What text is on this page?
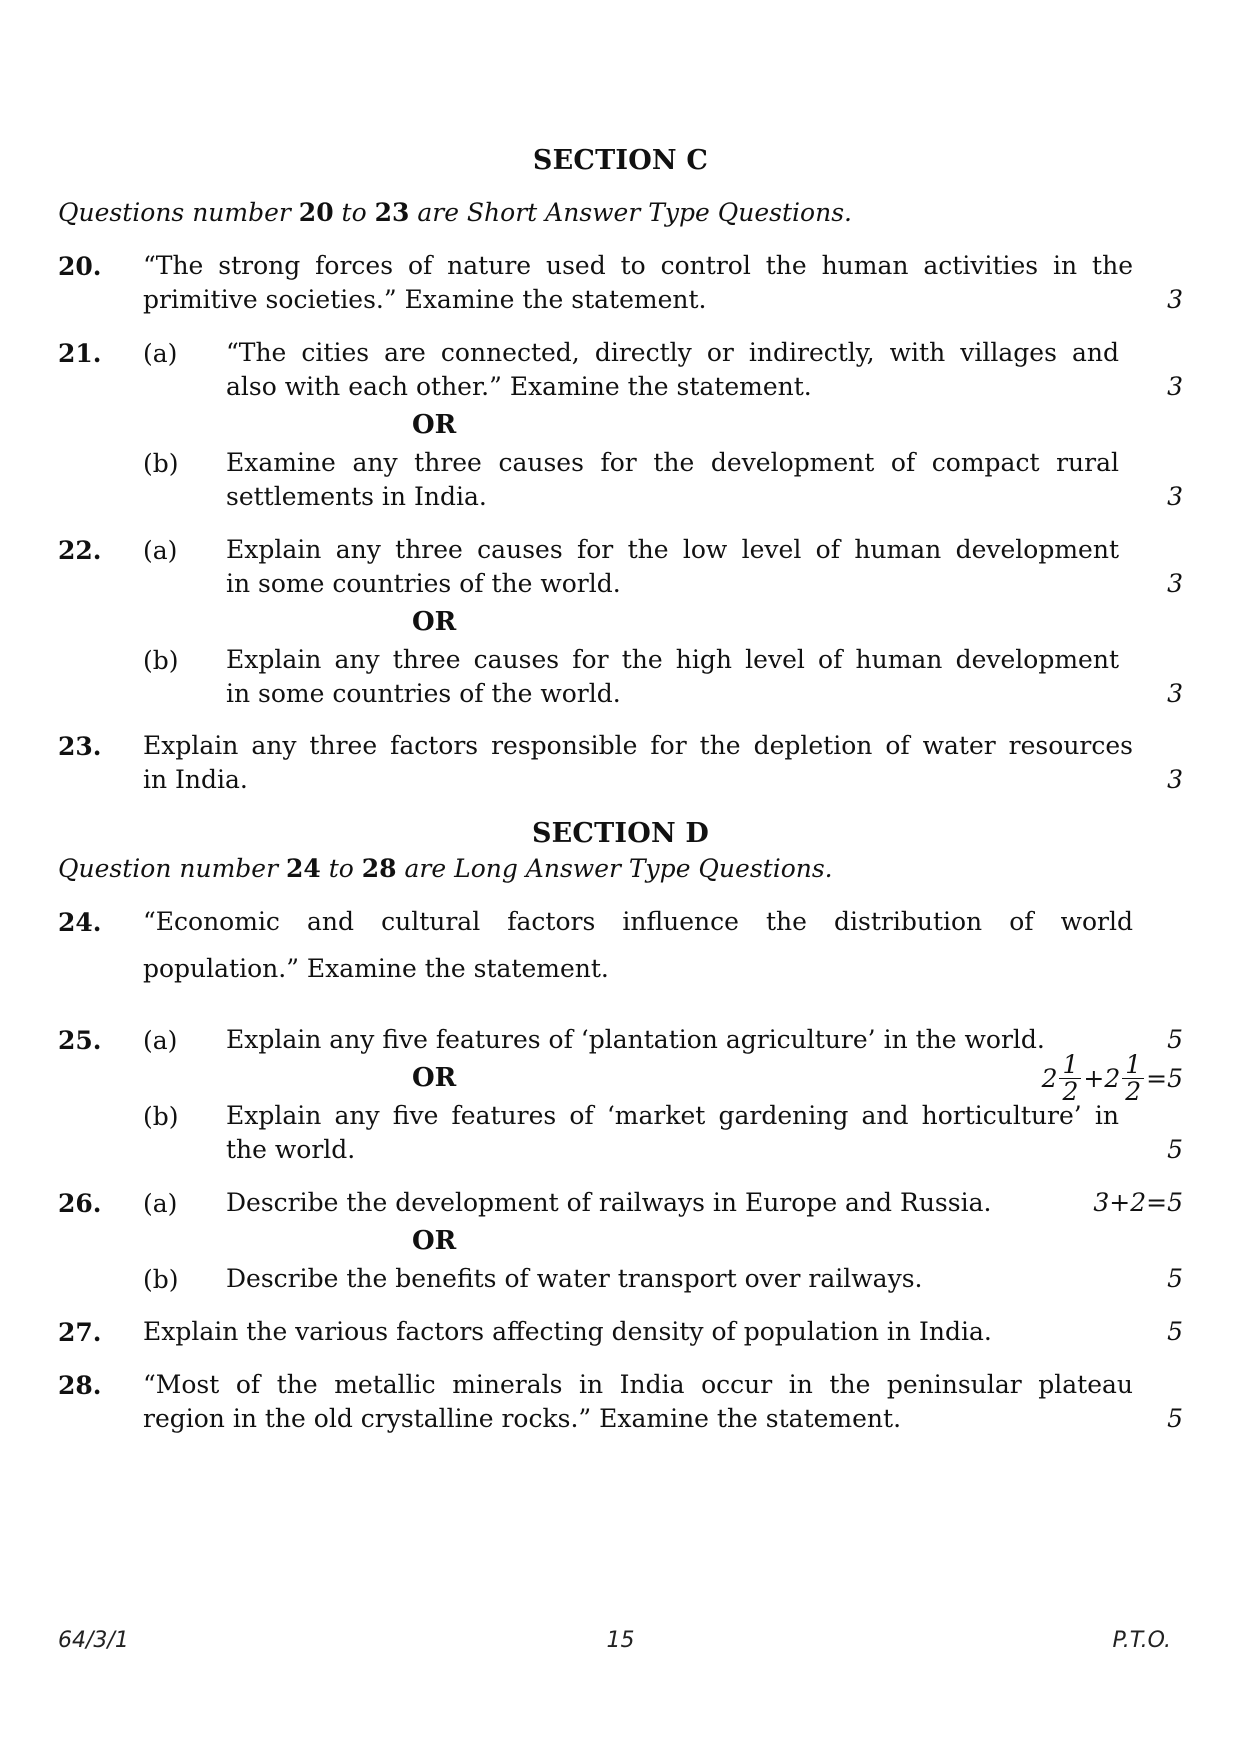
SECTION C
Questions number 20 to 23 are Short Answer Type Questions.
20. “The strong forces of nature used to control the human activities in the
primitive societies.” Examine the statement.	3
21. (a) “The cities are connected, directly or indirectly, with villages and
also with each other.” Examine the statement.	3
OR
(b) Examine any three causes for the development of compact rural
settlements in India.	3
22. (a) Explain any three causes for the low level of human development
in some countries of the world.	3
OR
(b) Explain any three causes for the high level of human development
in some countries of the world.	3
23. Explain any three factors responsible for the depletion of water resources
in India.	3
SECTION D
Question number 24 to 28 are Long Answer Type Questions.
24. “Economic and cultural factors influence the distribution of world
population.” Examine the statement.
$2 \frac{1}{2} +2 \frac{1}{2} =5$
25. (a) Explain any five features of ‘plantation agriculture’ in the world.	5
OR
(b) Explain any five features of ‘market gardening and horticulture’ in
the world.	5
26. (a) Describe the development of railways in Europe and Russia.	3+2=5
OR
(b) Describe the benefits of water transport over railways.	5
27. Explain the various factors affecting density of population in India.	5
28. “Most of the metallic minerals in India occur in the peninsular plateau
region in the old crystalline rocks.” Examine the statement.	5
64/3/1	15	P.T.O.
